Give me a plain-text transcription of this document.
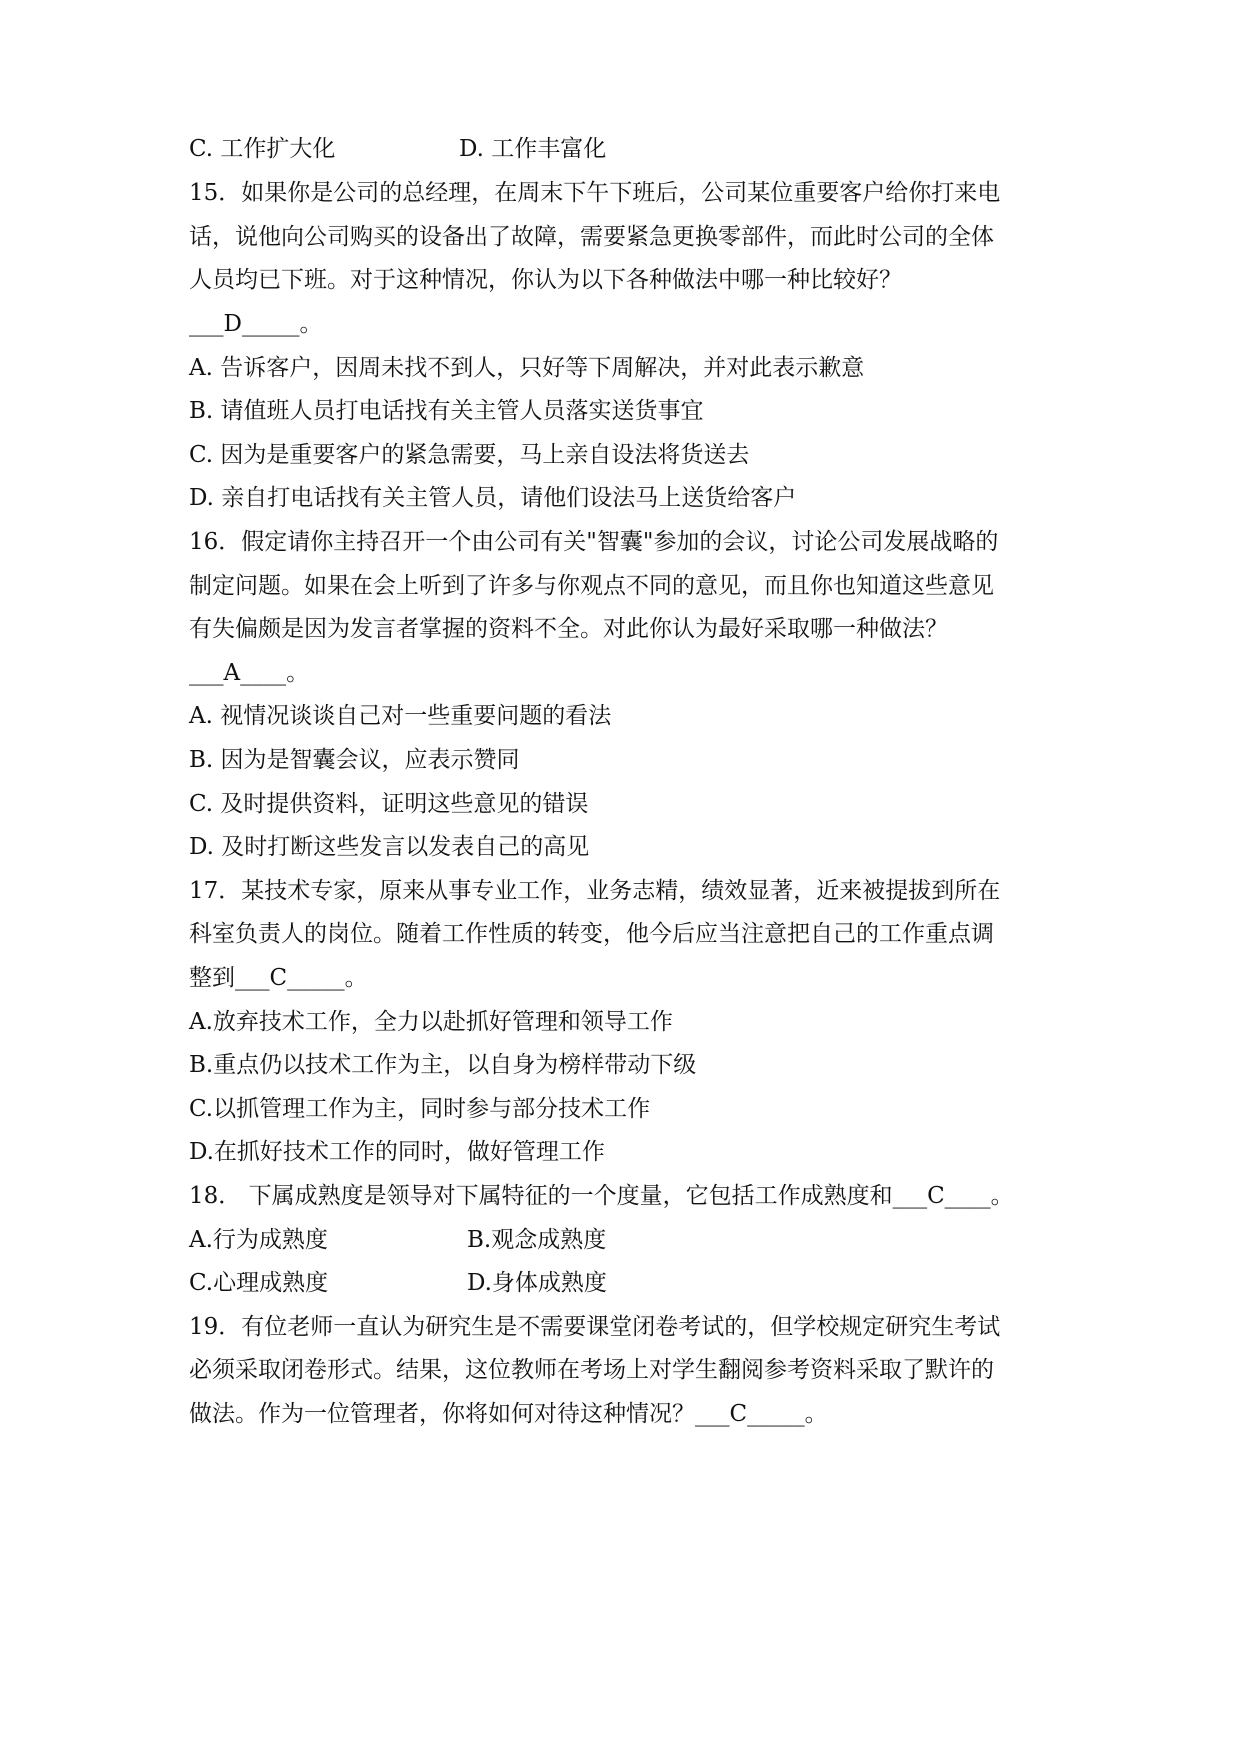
C. 工作扩大化	D. 工作丰富化
15．如果你是公司的总经理，在周末下午下班后，公司某位重要客户给你打来电
话，说他向公司购买的设备出了故障，需要紧急更换零部件，而此时公司的全体
人员均已下班。对于这种情况，你认为以下各种做法中哪一种比较好？
___D_____。
A. 告诉客户，因周未找不到人，只好等下周解决，并对此表示歉意
B. 请值班人员打电话找有关主管人员落实送货事宜
C. 因为是重要客户的紧急需要，马上亲自设法将货送去
D. 亲自打电话找有关主管人员，请他们设法马上送货给客户
16．假定请你主持召开一个由公司有关"智囊"参加的会议，讨论公司发展战略的
制定问题。如果在会上听到了许多与你观点不同的意见，而且你也知道这些意见
有失偏颇是因为发言者掌握的资料不全。对此你认为最好采取哪一种做法？
___A____。
A. 视情况谈谈自己对一些重要问题的看法
B. 因为是智囊会议，应表示赞同
C. 及时提供资料，证明这些意见的错误
D. 及时打断这些发言以发表自己的高见
17．某技术专家，原来从事专业工作，业务志精，绩效显著，近来被提拔到所在
科室负责人的岗位。随着工作性质的转变，他今后应当注意把自己的工作重点调
整到___C_____。
A.放弃技术工作，全力以赴抓好管理和领导工作
B.重点仍以技术工作为主，以自身为榜样带动下级
C.以抓管理工作为主，同时参与部分技术工作
D.在抓好技术工作的同时，做好管理工作
18． 下属成熟度是领导对下属特征的一个度量，它包括工作成熟度和___C____。
A.行为成熟度	B.观念成熟度
C.心理成熟度	D.身体成熟度
19．有位老师一直认为研究生是不需要课堂闭卷考试的，但学校规定研究生考试
必须采取闭卷形式。结果，这位教师在考场上对学生翻阅参考资料采取了默许的
做法。作为一位管理者，你将如何对待这种情况？___C_____。
